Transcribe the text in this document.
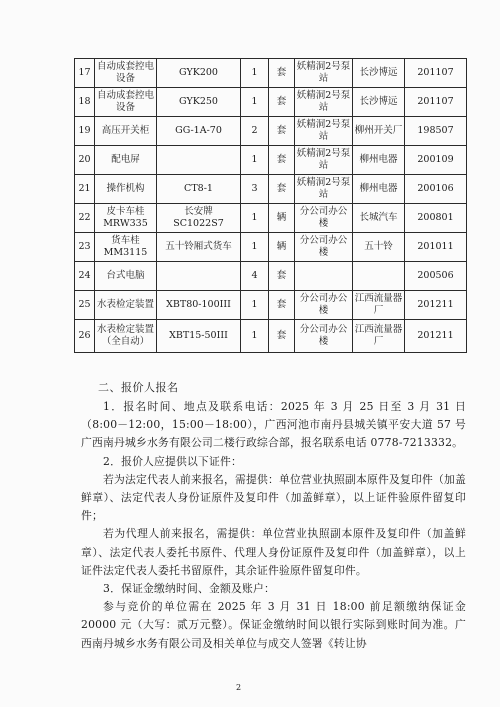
17	自动成套控电设备	GYK200	1	套	妖精洞2号泵站	长沙博远	201107
18	自动成套控电设备	GYK250	1	套	妖精洞2号泵站	长沙博远	201107
19	高压开关柜	GG-1A-70	2	套	妖精洞2号泵站	柳州开关厂	198507
20	配电屏		1	套	妖精洞2号泵站	柳州电器	200109
21	操作机构	CT8-1	3	套	妖精洞2号泵站	柳州电器	200106
22	皮卡车桂MRW335	长安牌 SC1022S7	1	辆	分公司办公楼	长城汽车	200801
23	货车桂MM3115	五十铃厢式货车	1	辆	分公司办公楼	五十铃	201011
24	台式电脑		4	套			200506
25	水表检定装置	XBT80-100III	1	套	分公司办公楼	江西流量器厂	201211
26	水表检定装置（全自动）	XBT15-50III	1	套	分公司办公楼	江西流量器厂	201211
二、报价人报名

1．报名时间、地点及联系电话：2025 年 3 月 25 日至 3 月 31 日（8:00－12:00，15:00－18:00），广西河池市南丹县城关镇平安大道 57 号广西南丹城乡水务有限公司二楼行政综合部，报名联系电话 0778-7213332。

2．报价人应提供以下证件：

若为法定代表人前来报名，需提供：单位营业执照副本原件及复印件（加盖鲜章）、法定代表人身份证原件及复印件（加盖鲜章），以上证件验原件留复印件；

若为代理人前来报名，需提供：单位营业执照副本原件及复印件（加盖鲜章）、法定代表人委托书原件、代理人身份证原件及复印件（加盖鲜章），以上证件法定代表人委托书留原件，其余证件验原件留复印件。

3．保证金缴纳时间、金额及账户：

参与竞价的单位需在 2025 年 3 月 31 日 18:00 前足额缴纳保证金 20000 元（大写：贰万元整）。保证金缴纳时间以银行实际到账时间为准。广西南丹城乡水务有限公司及相关单位与成交人签署《转让协

2
